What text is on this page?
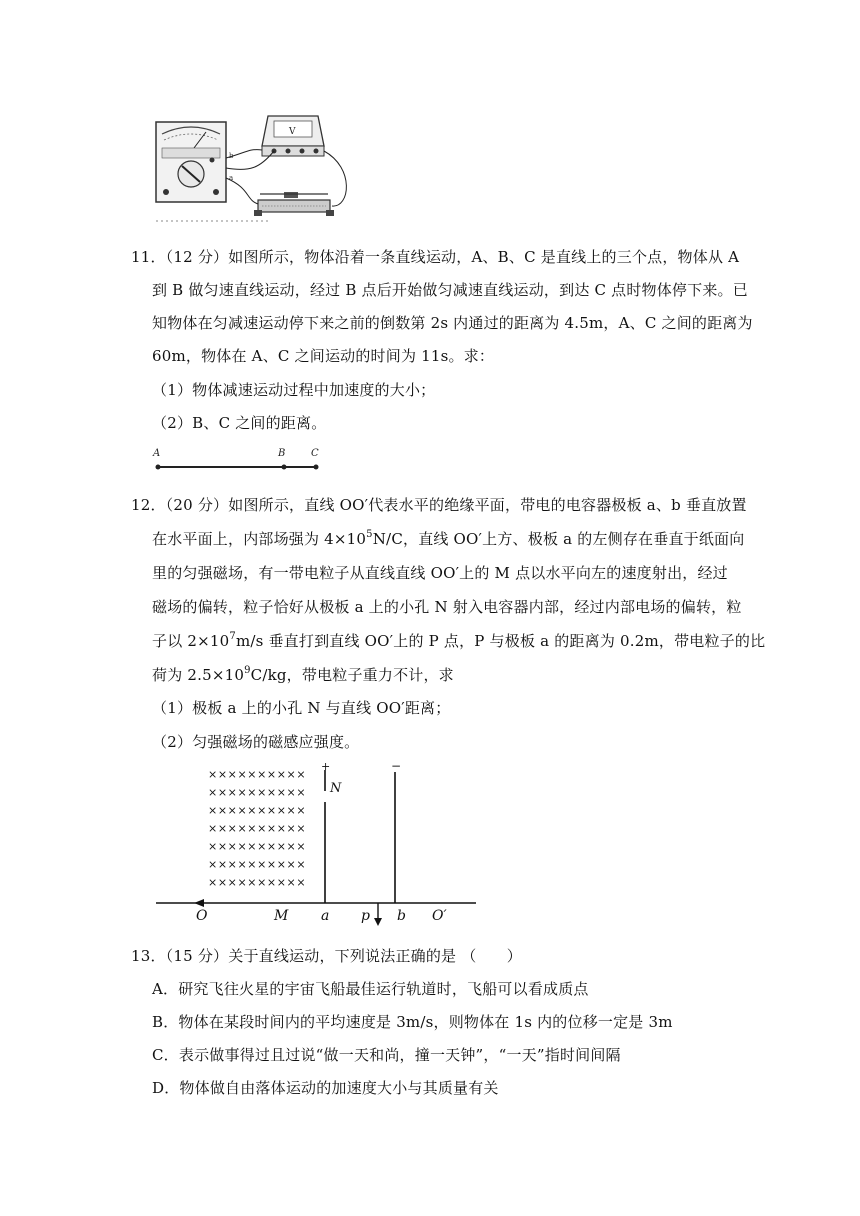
b
a
V
11．（12 分）如图所示，物体沿着一条直线运动，A、B、C 是直线上的三个点，物体从 A
到 B 做匀速直线运动，经过 B 点后开始做匀减速直线运动，到达 C 点时物体停下来。已
知物体在匀减速运动停下来之前的倒数第 2s 内通过的距离为 4.5m，A、C 之间的距离为
60m，物体在 A、C 之间运动的时间为 11s。求：
（1）物体减速运动过程中加速度的大小；
（2）B、C 之间的距离。
A	B	C
12．（20 分）如图所示，直线 OO′代表水平的绝缘平面，带电的电容器极板 a、b 垂直放置
在水平面上，内部场强为 $4\times 10^5N/C$，直线 OO′上方、极板 a 的左侧存在垂直于纸面向
里的匀强磁场，有一带电粒子从直线直线 OO′上的 M 点以水平向左的速度射出，经过
磁场的偏转，粒子恰好从极板 a 上的小孔 N 射入电容器内部，经过内部电场的偏转，粒
子以 $2\times 10^7m/s$ 垂直打到直线 OO′上的 P 点，P 与极板 a 的距离为 0.2m，带电粒子的比
荷为 $2.5\times 10^9C/kg$，带电粒子重力不计，求
（1）极板 a 上的小孔 N 与直线 OO′距离；
（2）匀强磁场的磁感应强度。
××××××××××
××××××××××
××××××××××
××××××××××
××××××××××
××××××××××
××××××××××
+
N
−
O	M a p b O′
13．（15 分）关于直线运动，下列说法正确的是 （　　）
A．研究飞往火星的宇宙飞船最佳运行轨道时，飞船可以看成质点
B．物体在某段时间内的平均速度是 3m/s，则物体在 1s 内的位移一定是 3m
C．表示做事得过且过说“做一天和尚，撞一天钟”，“一天”指时间间隔
D．物体做自由落体运动的加速度大小与其质量有关
